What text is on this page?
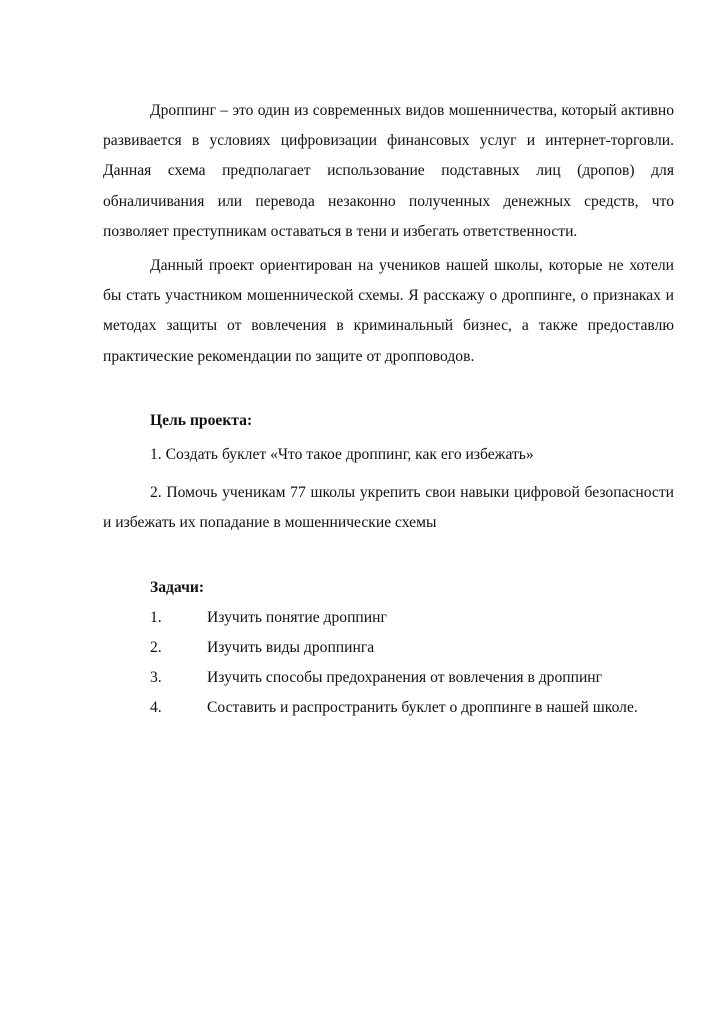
Дроппинг – это один из современных видов мошенничества, который активно развивается в условиях цифровизации финансовых услуг и интернет-торговли. Данная схема предполагает использование подставных лиц (дропов) для обналичивания или перевода незаконно полученных денежных средств, что позволяет преступникам оставаться в тени и избегать ответственности.

Данный проект ориентирован на учеников нашей школы, которые не хотели бы стать участником мошеннической схемы. Я расскажу о дроппинге, о признаках и методах защиты от вовлечения в криминальный бизнес, а также предоставлю практические рекомендации по защите от дропповодов.

Цель проекта:

1. Создать буклет «Что такое дроппинг, как его избежать»

2. Помочь ученикам 77 школы укрепить свои навыки цифровой безопасности и избежать их попадание в мошеннические схемы

Задачи:

1.	Изучить понятие дроппинг
2.	Изучить виды дроппинга
3.	Изучить способы предохранения от вовлечения в дроппинг
4.	Составить и распространить буклет о дроппинге в нашей школе.
